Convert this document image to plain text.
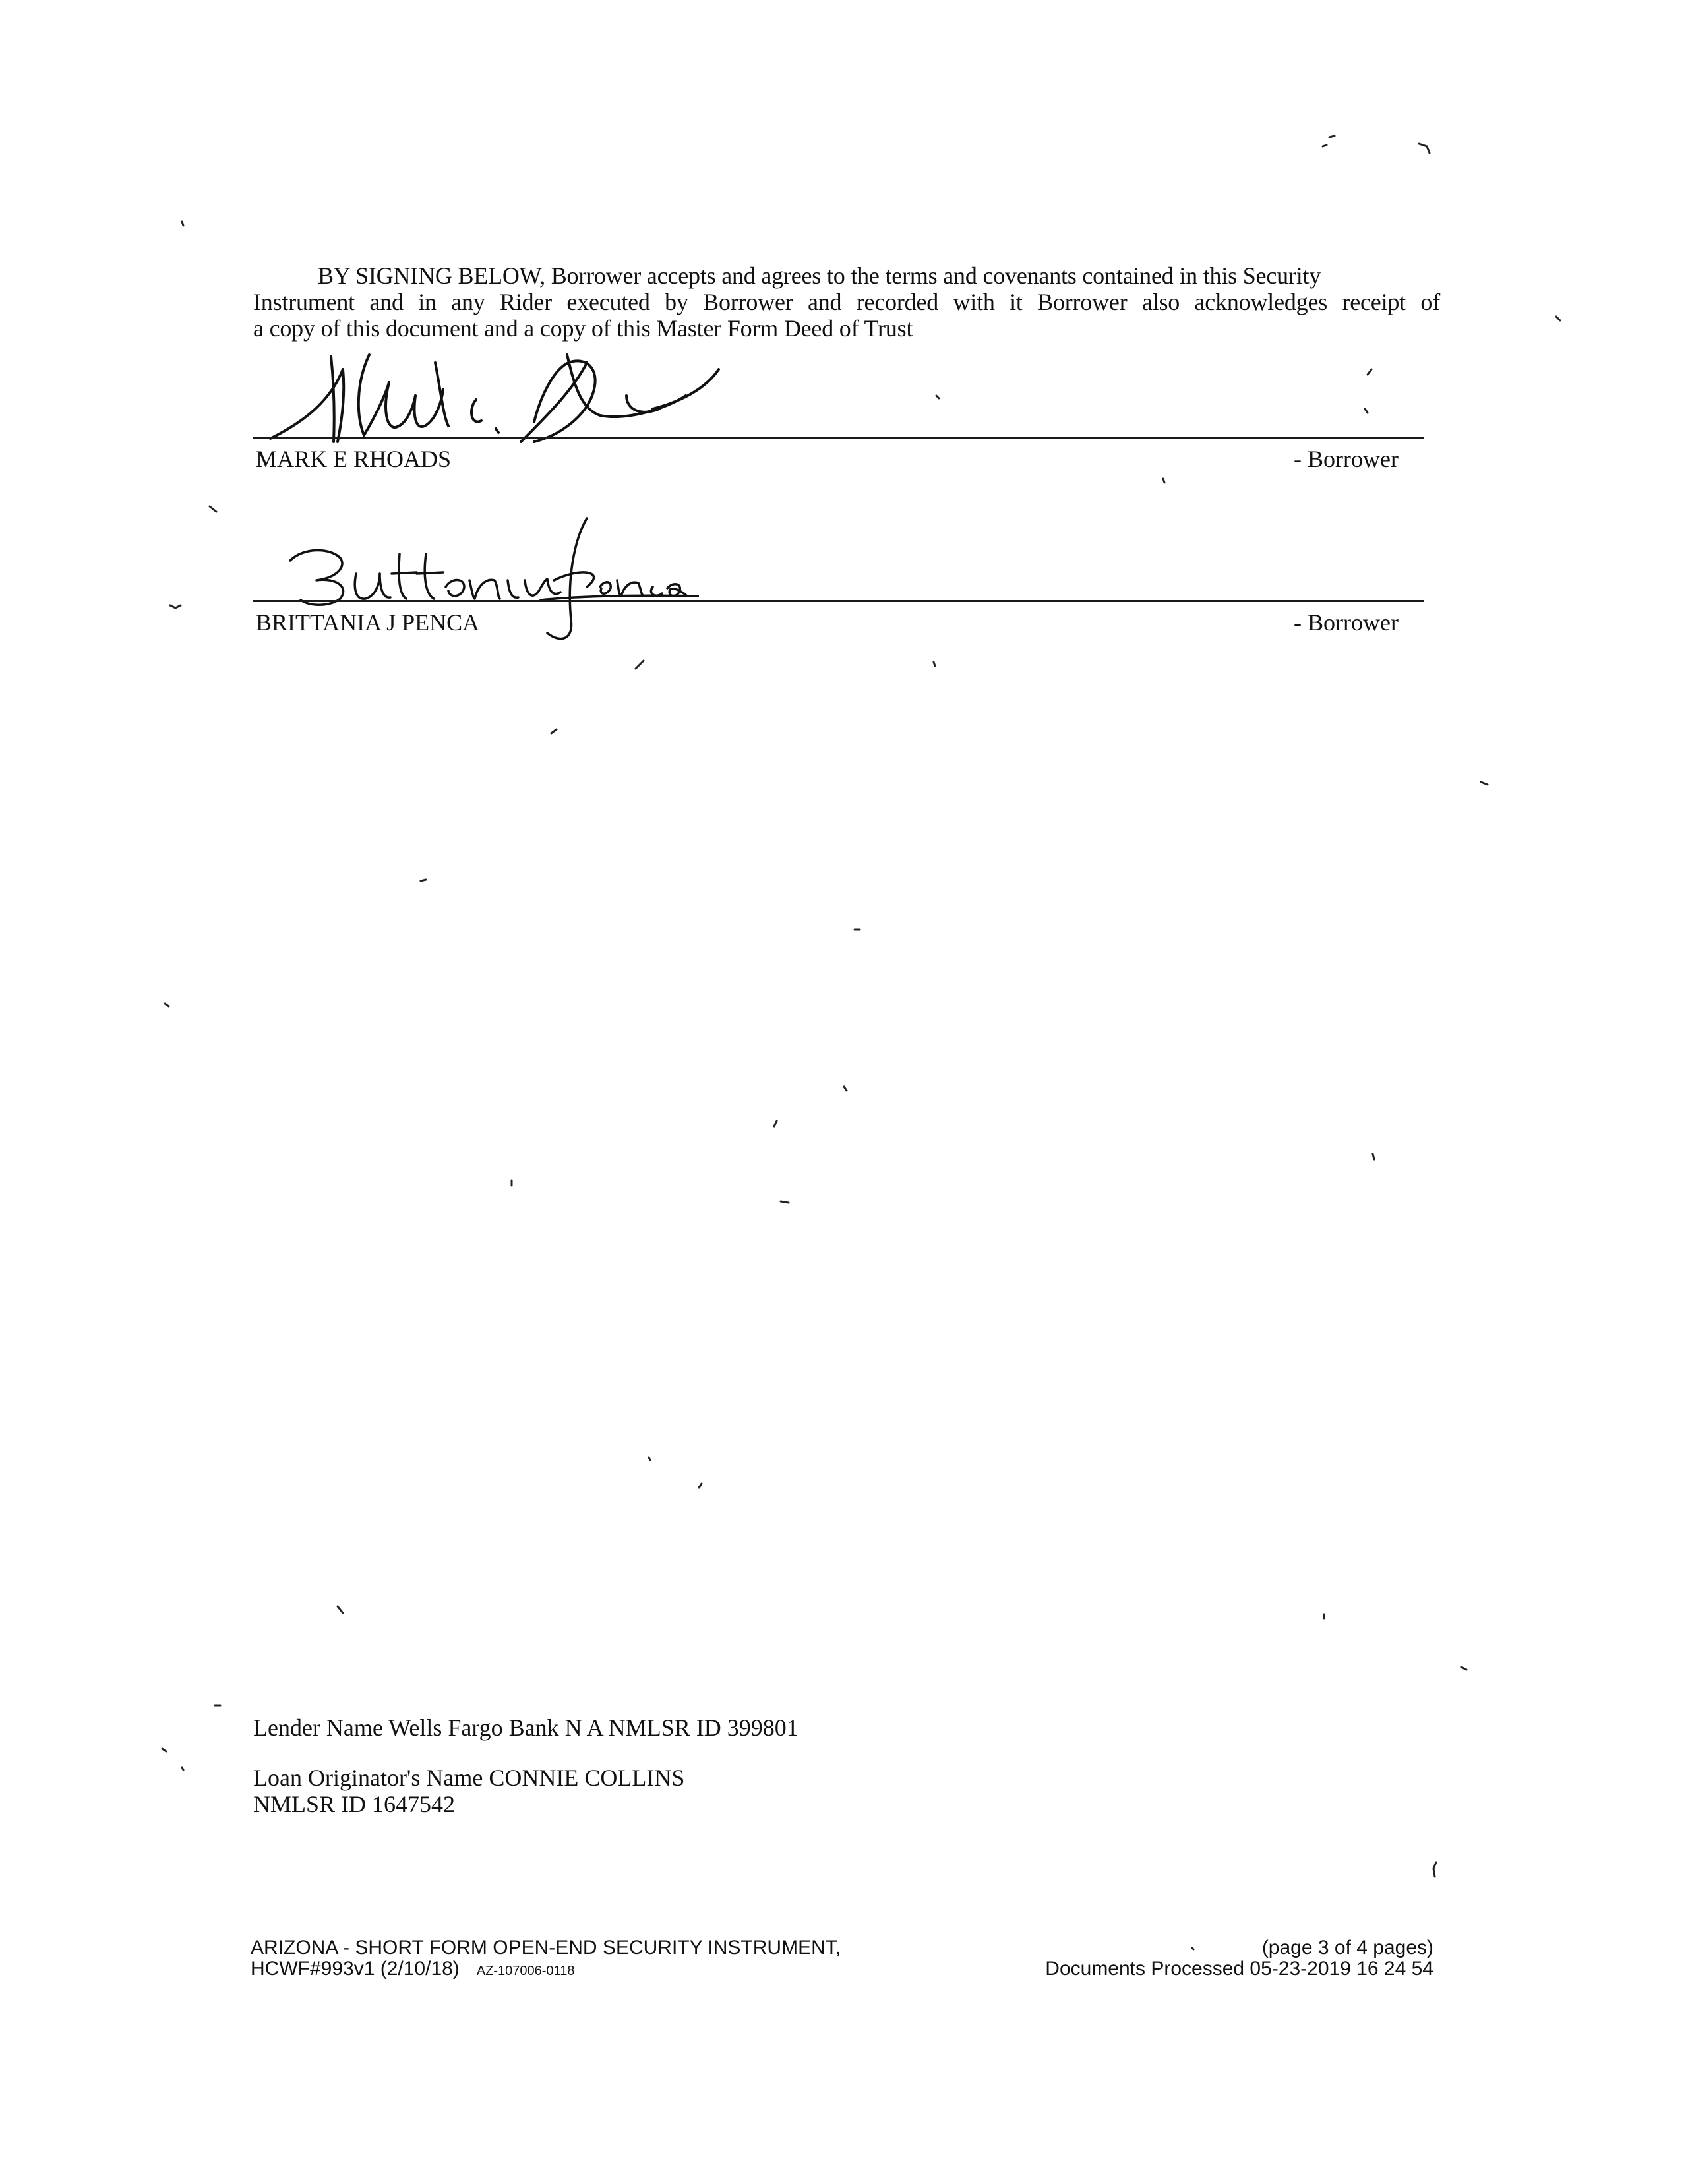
BY SIGNING BELOW, Borrower accepts and agrees to the terms and covenants contained in this Security
Instrument and in any Rider executed by Borrower and recorded with it Borrower also acknowledges receipt of
a copy of this document and a copy of this Master Form Deed of Trust
MARK E RHOADS	- Borrower
BRITTANIA J PENCA	- Borrower
Lender Name Wells Fargo Bank N A NMLSR ID 399801
Loan Originator's Name CONNIE COLLINS
NMLSR ID 1647542
ARIZONA - SHORT FORM OPEN-END SECURITY INSTRUMENT,
HCWF#993v1 (2/10/18) AZ-107006-0118
(page 3 of 4 pages)
Documents Processed 05-23-2019 16 24 54
